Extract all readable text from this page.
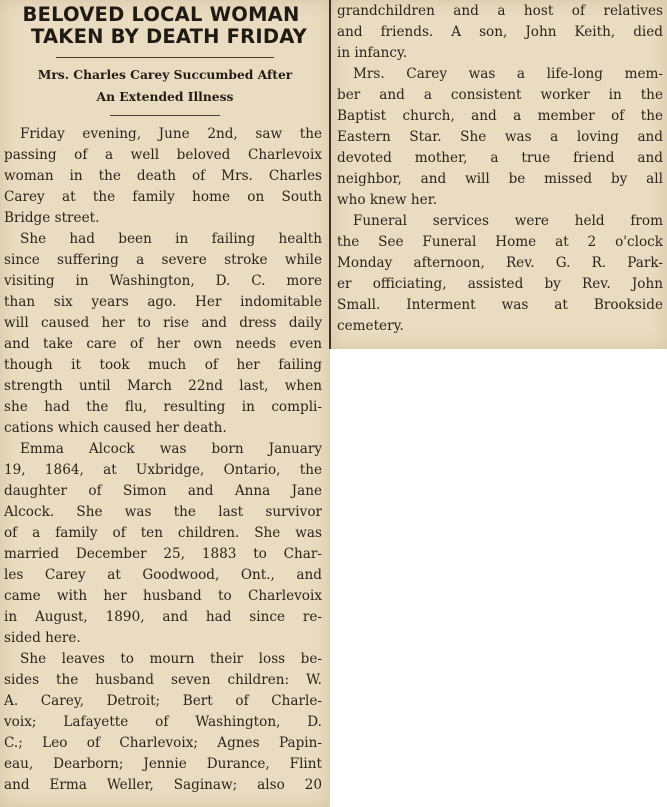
BELOVED LOCAL WOMAN
TAKEN BY DEATH FRIDAY
Mrs. Charles Carey Succumbed After
An Extended Illness
Friday evening, June 2nd, saw the
passing of a well beloved Charlevoix
woman in the death of Mrs. Charles
Carey at the family home on South
Bridge street.
She had been in failing health
since suffering a severe stroke while
visiting in Washington, D. C. more
than six years ago. Her indomitable
will caused her to rise and dress daily
and take care of her own needs even
though it took much of her failing
strength until March 22nd last, when
she had the flu, resulting in compli-
cations which caused her death.
Emma Alcock was born January
19, 1864, at Uxbridge, Ontario, the
daughter of Simon and Anna Jane
Alcock. She was the last survivor
of a family of ten children. She was
married December 25, 1883 to Char-
les Carey at Goodwood, Ont., and
came with her husband to Charlevoix
in August, 1890, and had since re-
sided here.
She leaves to mourn their loss be-
sides the husband seven children: W.
A. Carey, Detroit; Bert of Charle-
voix; Lafayette of Washington, D.
C.; Leo of Charlevoix; Agnes Papin-
eau, Dearborn; Jennie Durance, Flint
and Erma Weller, Saginaw; also 20
grandchildren and a host of relatives
and friends. A son, John Keith, died
in infancy.
Mrs. Carey was a life-long mem-
ber and a consistent worker in the
Baptist church, and a member of the
Eastern Star. She was a loving and
devoted mother, a true friend and
neighbor, and will be missed by all
who knew her.
Funeral services were held from
the See Funeral Home at 2 o'clock
Monday afternoon, Rev. G. R. Park-
er officiating, assisted by Rev. John
Small. Interment was at Brookside
cemetery.
